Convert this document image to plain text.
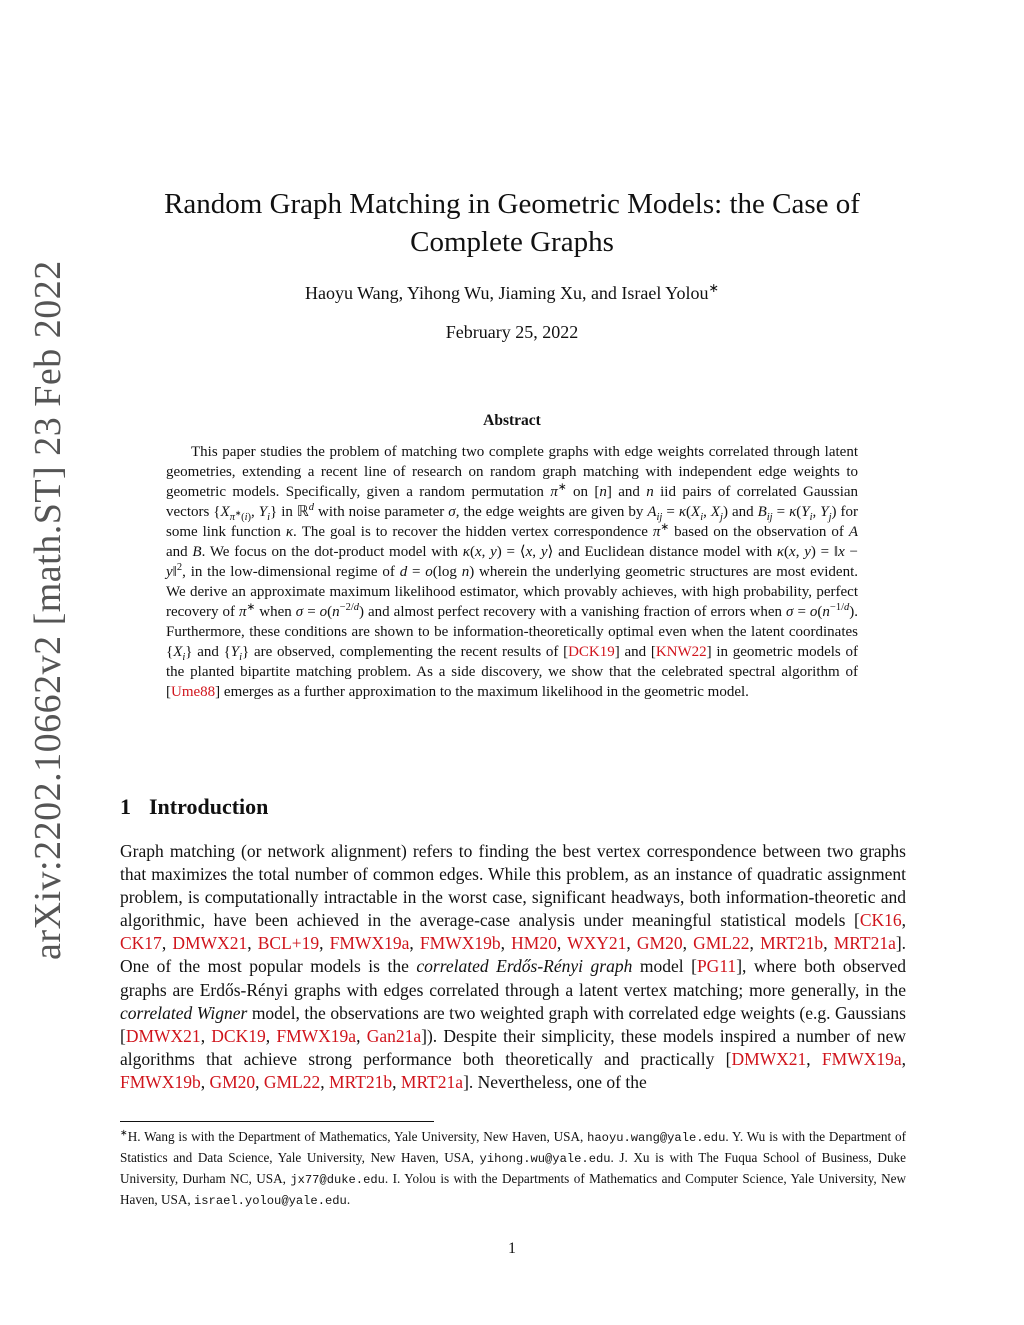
arXiv:2202.10662v2 [math.ST] 23 Feb 2022
Random Graph Matching in Geometric Models: the Case of Complete Graphs
Haoyu Wang, Yihong Wu, Jiaming Xu, and Israel Yolou∗
February 25, 2022
Abstract

This paper studies the problem of matching two complete graphs with edge weights correlated through latent geometries, extending a recent line of research on random graph matching with independent edge weights to geometric models. Specifically, given a random permutation π∗ on [n] and n iid pairs of correlated Gaussian vectors {$X_{\pi^∗(i)}$, $Y_i$} in ℝ$^d$ with noise parameter σ, the edge weights are given by $A_{ij} = \kappa(X_i$, $X_j$) and $B_{ij} = \kappa(Y_i$, $Y_j$) for some link function κ. The goal is to recover the hidden vertex correspondence π∗ based on the observation of A and B. We focus on the dot-product model with κ(x, y) = ⟨x, y⟩ and Euclidean distance model with κ(x, y) = ‖x − y‖$^2$, in the low-dimensional regime of d = o(log n) wherein the underlying geometric structures are most evident. We derive an approximate maximum likelihood estimator, which provably achieves, with high probability, perfect recovery of π∗ when $\sigma = o(n^{-2/d})$ and almost perfect recovery with a vanishing fraction of errors when $\sigma = o(n^{-1/d})$. Furthermore, these conditions are shown to be information-theoretically optimal even when the latent coordinates $\{X_i\}$ and $\{Y_i\}$ are observed, complementing the recent results of [DCK19] and [KNW22] in geometric models of the planted bipartite matching problem. As a side discovery, we show that the celebrated spectral algorithm of [Ume88] emerges as a further approximation to the maximum likelihood in the geometric model.

1 Introduction

Graph matching (or network alignment) refers to finding the best vertex correspondence between two graphs that maximizes the total number of common edges. While this problem, as an instance of quadratic assignment problem, is computationally intractable in the worst case, significant headways, both information-theoretic and algorithmic, have been achieved in the average-case analysis under meaningful statistical models [CK16, CK17, DMWX21, BCL+19, FMWX19a, FMWX19b, HM20, WXY21, GM20, GML22, MRT21b, MRT21a]. One of the most popular models is the correlated Erdős-Rényi graph model [PG11], where both observed graphs are Erdős-Rényi graphs with edges correlated through a latent vertex matching; more generally, in the correlated Wigner model, the observations are two weighted graph with correlated edge weights (e.g. Gaussians [DMWX21, DCK19, FMWX19a, Gan21a]). Despite their simplicity, these models inspired a number of new algorithms that achieve strong performance both theoretically and practically [DMWX21, FMWX19a, FMWX19b, GM20, GML22, MRT21b, MRT21a]. Nevertheless, one of the

∗H. Wang is with the Department of Mathematics, Yale University, New Haven, USA, haoyu.wang@yale.edu. Y. Wu is with the Department of Statistics and Data Science, Yale University, New Haven, USA, yihong.wu@yale.edu. J. Xu is with The Fuqua School of Business, Duke University, Durham NC, USA, jx77@duke.edu. I. Yolou is with the Departments of Mathematics and Computer Science, Yale University, New Haven, USA, israel.yolou@yale.edu.

1
